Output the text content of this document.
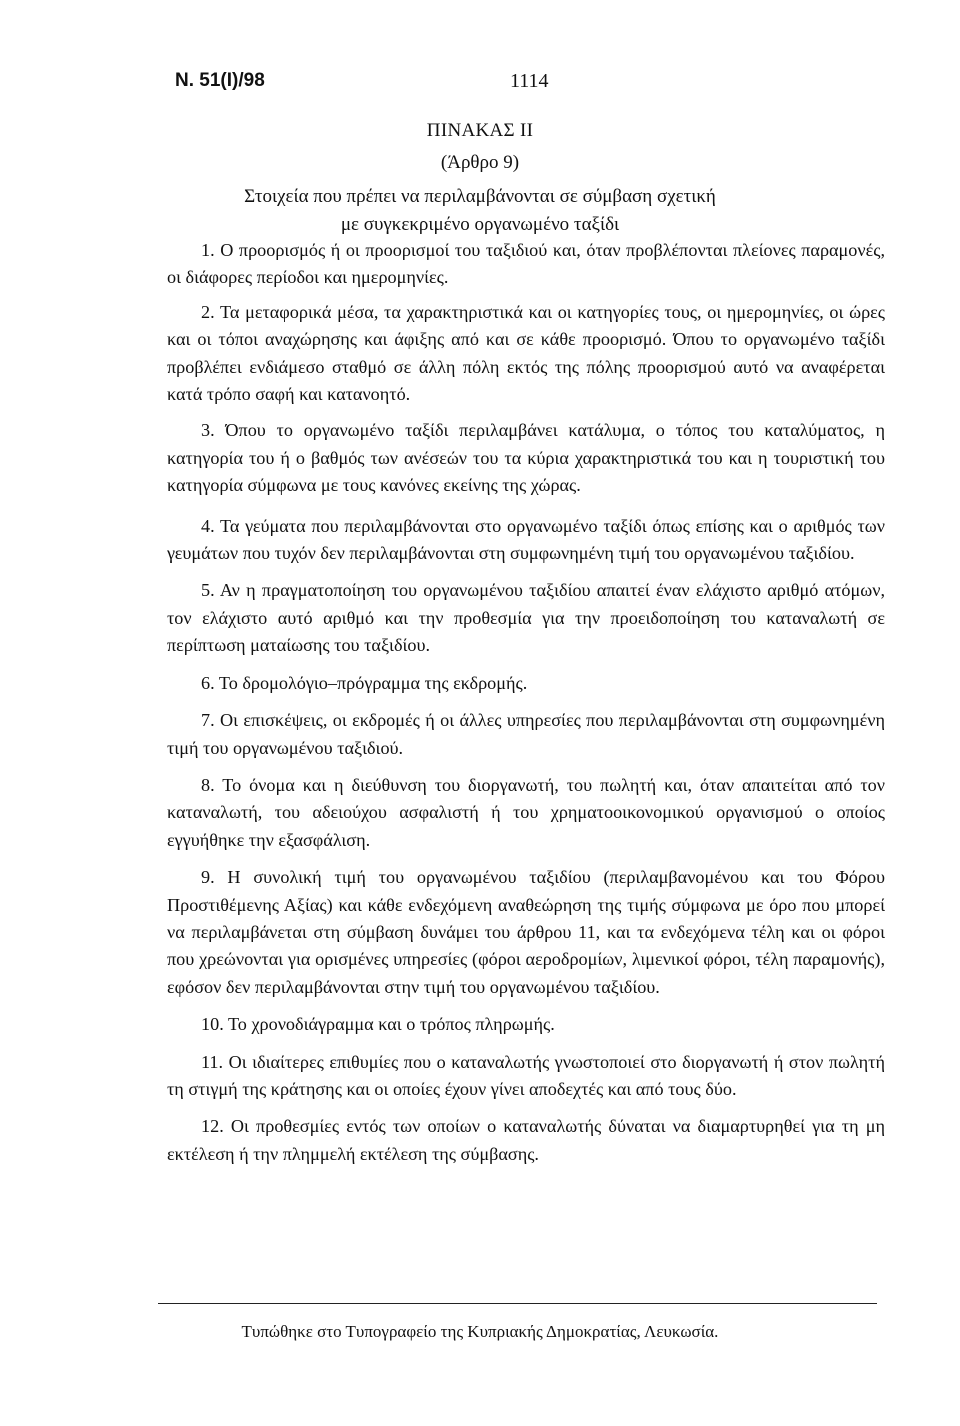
Ν. 51(Ι)/98	1114
ΠΙΝΑΚΑΣ ΙΙ
(Άρθρο 9)
Στοιχεία που πρέπει να περιλαμβάνονται σε σύμβαση σχετική
με συγκεκριμένο οργανωμένο ταξίδι

1. Ο προορισμός ή οι προορισμοί του ταξιδιού και, όταν προβλέπονται πλείονες παραμονές, οι διάφορες περίοδοι και ημερομηνίες.

2. Τα μεταφορικά μέσα, τα χαρακτηριστικά και οι κατηγορίες τους, οι ημερομηνίες, οι ώρες και οι τόποι αναχώρησης και άφιξης από και σε κάθε προορισμό. Όπου το οργανωμένο ταξίδι προβλέπει ενδιάμεσο σταθμό σε άλλη πόλη εκτός της πόλης προορισμού αυτό να αναφέρεται κατά τρόπο σαφή και κατανοητό.

3. Όπου το οργανωμένο ταξίδι περιλαμβάνει κατάλυμα, ο τόπος του καταλύματος, η κατηγορία του ή ο βαθμός των ανέσεών του τα κύρια χαρακτηριστικά του και η τουριστική του κατηγορία σύμφωνα με τους κανόνες εκείνης της χώρας.

4. Τα γεύματα που περιλαμβάνονται στο οργανωμένο ταξίδι όπως επίσης και ο αριθμός των γευμάτων που τυχόν δεν περιλαμβάνονται στη συμφωνημένη τιμή του οργανωμένου ταξιδίου.

5. Αν η πραγματοποίηση του οργανωμένου ταξιδίου απαιτεί έναν ελάχιστο αριθμό ατόμων, τον ελάχιστο αυτό αριθμό και την προθεσμία για την προειδοποίηση του καταναλωτή σε περίπτωση ματαίωσης του ταξιδίου.

6. Το δρομολόγιο–πρόγραμμα της εκδρομής.

7. Οι επισκέψεις, οι εκδρομές ή οι άλλες υπηρεσίες που περιλαμβάνονται στη συμφωνημένη τιμή του οργανωμένου ταξιδιού.

8. Το όνομα και η διεύθυνση του διοργανωτή, του πωλητή και, όταν απαιτείται από τον καταναλωτή, του αδειούχου ασφαλιστή ή του χρηματοοικονομικού οργανισμού ο οποίος εγγυήθηκε την εξασφάλιση.

9. Η συνολική τιμή του οργανωμένου ταξιδίου (περιλαμβανομένου και του Φόρου Προστιθέμενης Αξίας) και κάθε ενδεχόμενη αναθεώρηση της τιμής σύμφωνα με όρο που μπορεί να περιλαμβάνεται στη σύμβαση δυνάμει του άρθρου 11, και τα ενδεχόμενα τέλη και οι φόροι που χρεώνονται για ορισμένες υπηρεσίες (φόροι αεροδρομίων, λιμενικοί φόροι, τέλη παραμονής), εφόσον δεν περιλαμβάνονται στην τιμή του οργανωμένου ταξιδίου.

10. Το χρονοδιάγραμμα και ο τρόπος πληρωμής.

11. Οι ιδιαίτερες επιθυμίες που ο καταναλωτής γνωστοποιεί στο διοργανωτή ή στον πωλητή τη στιγμή της κράτησης και οι οποίες έχουν γίνει αποδεχτές και από τους δύο.

12. Οι προθεσμίες εντός των οποίων ο καταναλωτής δύναται να διαμαρτυρηθεί για τη μη εκτέλεση ή την πλημμελή εκτέλεση της σύμβασης.

Τυπώθηκε στο Τυπογραφείο της Κυπριακής Δημοκρατίας, Λευκωσία.
